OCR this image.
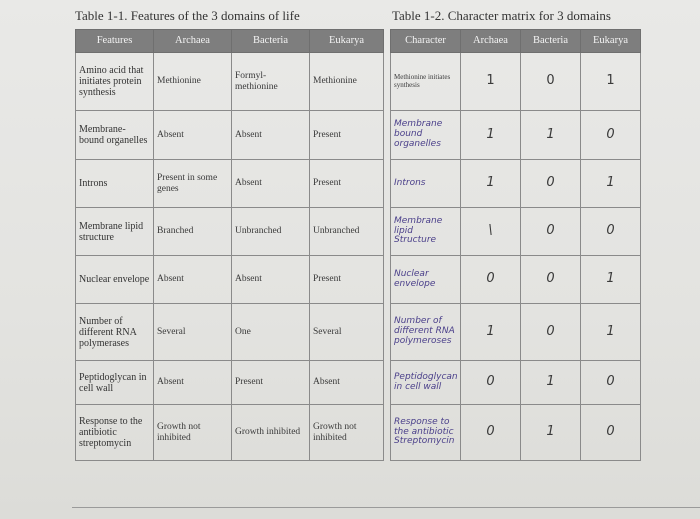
Table 1-1. Features of the 3 domains of life	Table 1-2. Character matrix for 3 domains
Features	Archaea	Bacteria	Eukarya
Amino acid that initiates protein synthesis	Methionine	Formyl-methionine	Methionine
Membrane-bound organelles	Absent	Absent	Present
Introns	Present in some genes	Absent	Present
Membrane lipid structure	Branched	Unbranched	Unbranched
Nuclear envelope	Absent	Absent	Present
Number of different RNA polymerases	Several	One	Several
Peptidoglycan in cell wall	Absent	Present	Absent
Response to the antibiotic streptomycin	Growth not inhibited	Growth inhibited	Growth not inhibited
Character	Archaea	Bacteria	Eukarya
Methionine initiates synthesis	1	0	1
Membrane bound organelles	1	1	0
Introns	1	0	1
Membrane lipid Structure	\	0	0
Nuclear envelope	0	0	1
Number of different RNA polymeroses	1	0	1
Peptidoglycan in cell wall	0	1	0
Response to the antibiotic Streptomycin	0	1	0
